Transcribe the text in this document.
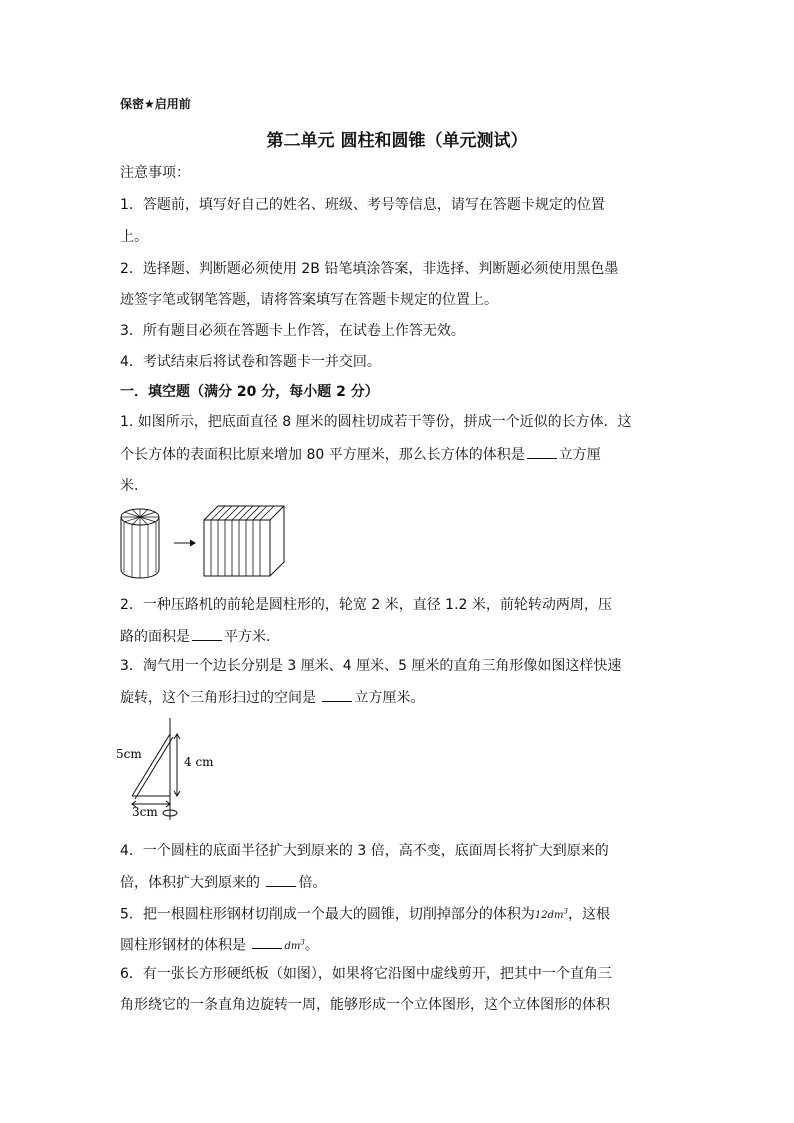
保密★启用前
第二单元 圆柱和圆锥（单元测试）
注意事项：
1．答题前，填写好自己的姓名、班级、考号等信息，请写在答题卡规定的位置
上。
2．选择题、判断题必须使用 2B 铅笔填涂答案，非选择、判断题必须使用黑色墨
迹签字笔或钢笔答题，请将答案填写在答题卡规定的位置上。
3．所有题目必须在答题卡上作答，在试卷上作答无效。
4．考试结束后将试卷和答题卡一并交回。
一．填空题（满分 20 分，每小题 2 分）
1. 如图所示，把底面直径 8 厘米的圆柱切成若干等份，拼成一个近似的长方体．这
个长方体的表面积比原来增加 80 平方厘米，那么长方体的体积是 立方厘
米.
2．一种压路机的前轮是圆柱形的，轮宽 2 米，直径 1.2 米，前轮转动两周，压
路的面积是 平方米.
3．淘气用一个边长分别是 3 厘米、4 厘米、5 厘米的直角三角形像如图这样快速
旋转，这个三角形扫过的空间是 立方厘米。
5cm
4 cm
3cm
4．一个圆柱的底面半径扩大到原来的 3 倍，高不变，底面周长将扩大到原来的
倍，体积扩大到原来的 倍。
5．把一根圆柱形钢材切削成一个最大的圆锥，切削掉部分的体积为$12dm^3$，这根
圆柱形钢材的体积是	$dm^3$。
6．有一张长方形硬纸板（如图），如果将它沿图中虚线剪开，把其中一个直角三
角形绕它的一条直角边旋转一周，能够形成一个立体图形，这个立体图形的体积
